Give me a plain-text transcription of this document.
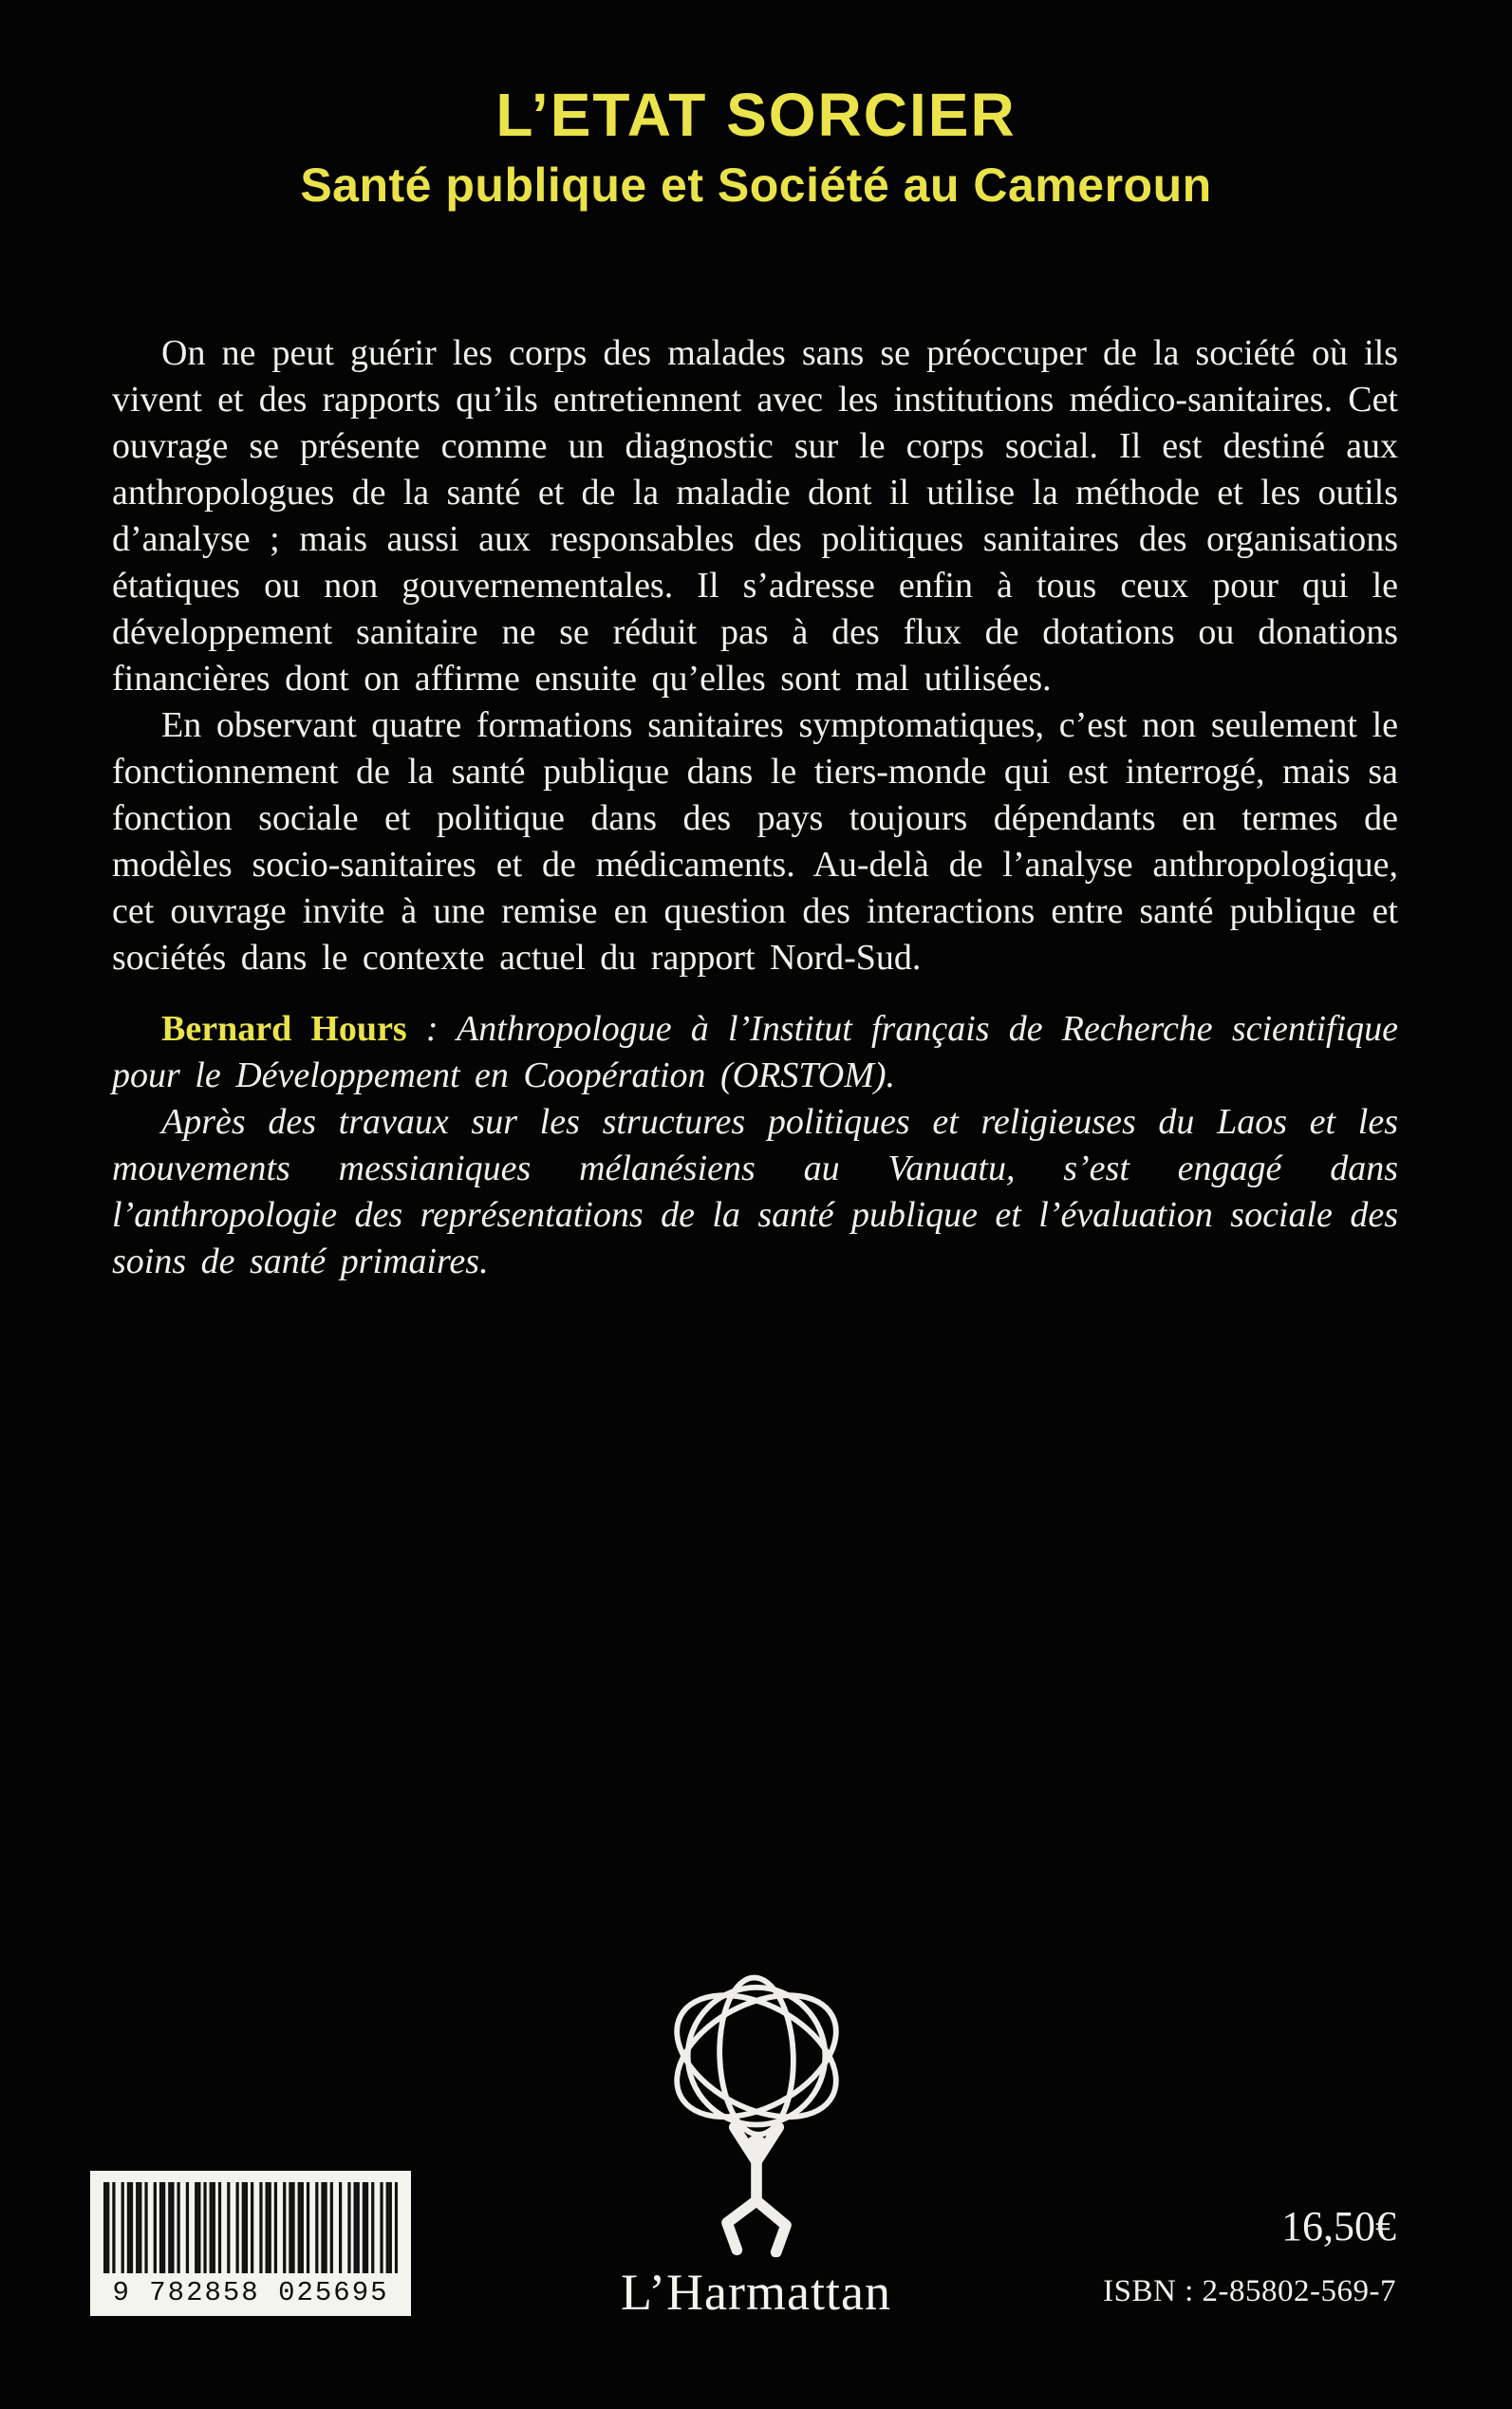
L’ETAT SORCIER
Santé publique et Société au Cameroun

On ne peut guérir les corps des malades sans se préoccuper de la société où ils vivent et des rapports qu’ils entretiennent avec les institutions médico-sanitaires. Cet ouvrage se présente comme un diagnostic sur le corps social. Il est destiné aux anthropologues de la santé et de la maladie dont il utilise la méthode et les outils d’analyse ; mais aussi aux responsables des politiques sanitaires des organisations étatiques ou non gouvernementales. Il s’adresse enfin à tous ceux pour qui le développement sanitaire ne se réduit pas à des flux de dotations ou donations financières dont on affirme ensuite qu’elles sont mal utilisées.

En observant quatre formations sanitaires symptomatiques, c’est non seulement le fonctionnement de la santé publique dans le tiers-monde qui est interrogé, mais sa fonction sociale et politique dans des pays toujours dépendants en termes de modèles socio-sanitaires et de médicaments. Au-delà de l’analyse anthropologique, cet ouvrage invite à une remise en question des interactions entre santé publique et sociétés dans le contexte actuel du rapport Nord-Sud.

Bernard Hours : Anthropologue à l’Institut français de Recherche scientifique pour le Développement en Coopération (ORSTOM).

Après des travaux sur les structures politiques et religieuses du Laos et les mouvements messianiques mélanésiens au Vanuatu, s’est engagé dans l’anthropologie des représentations de la santé publique et l’évaluation sociale des soins de santé primaires.

L’Harmattan
9 782858 025695
16,50€
ISBN : 2-85802-569-7
